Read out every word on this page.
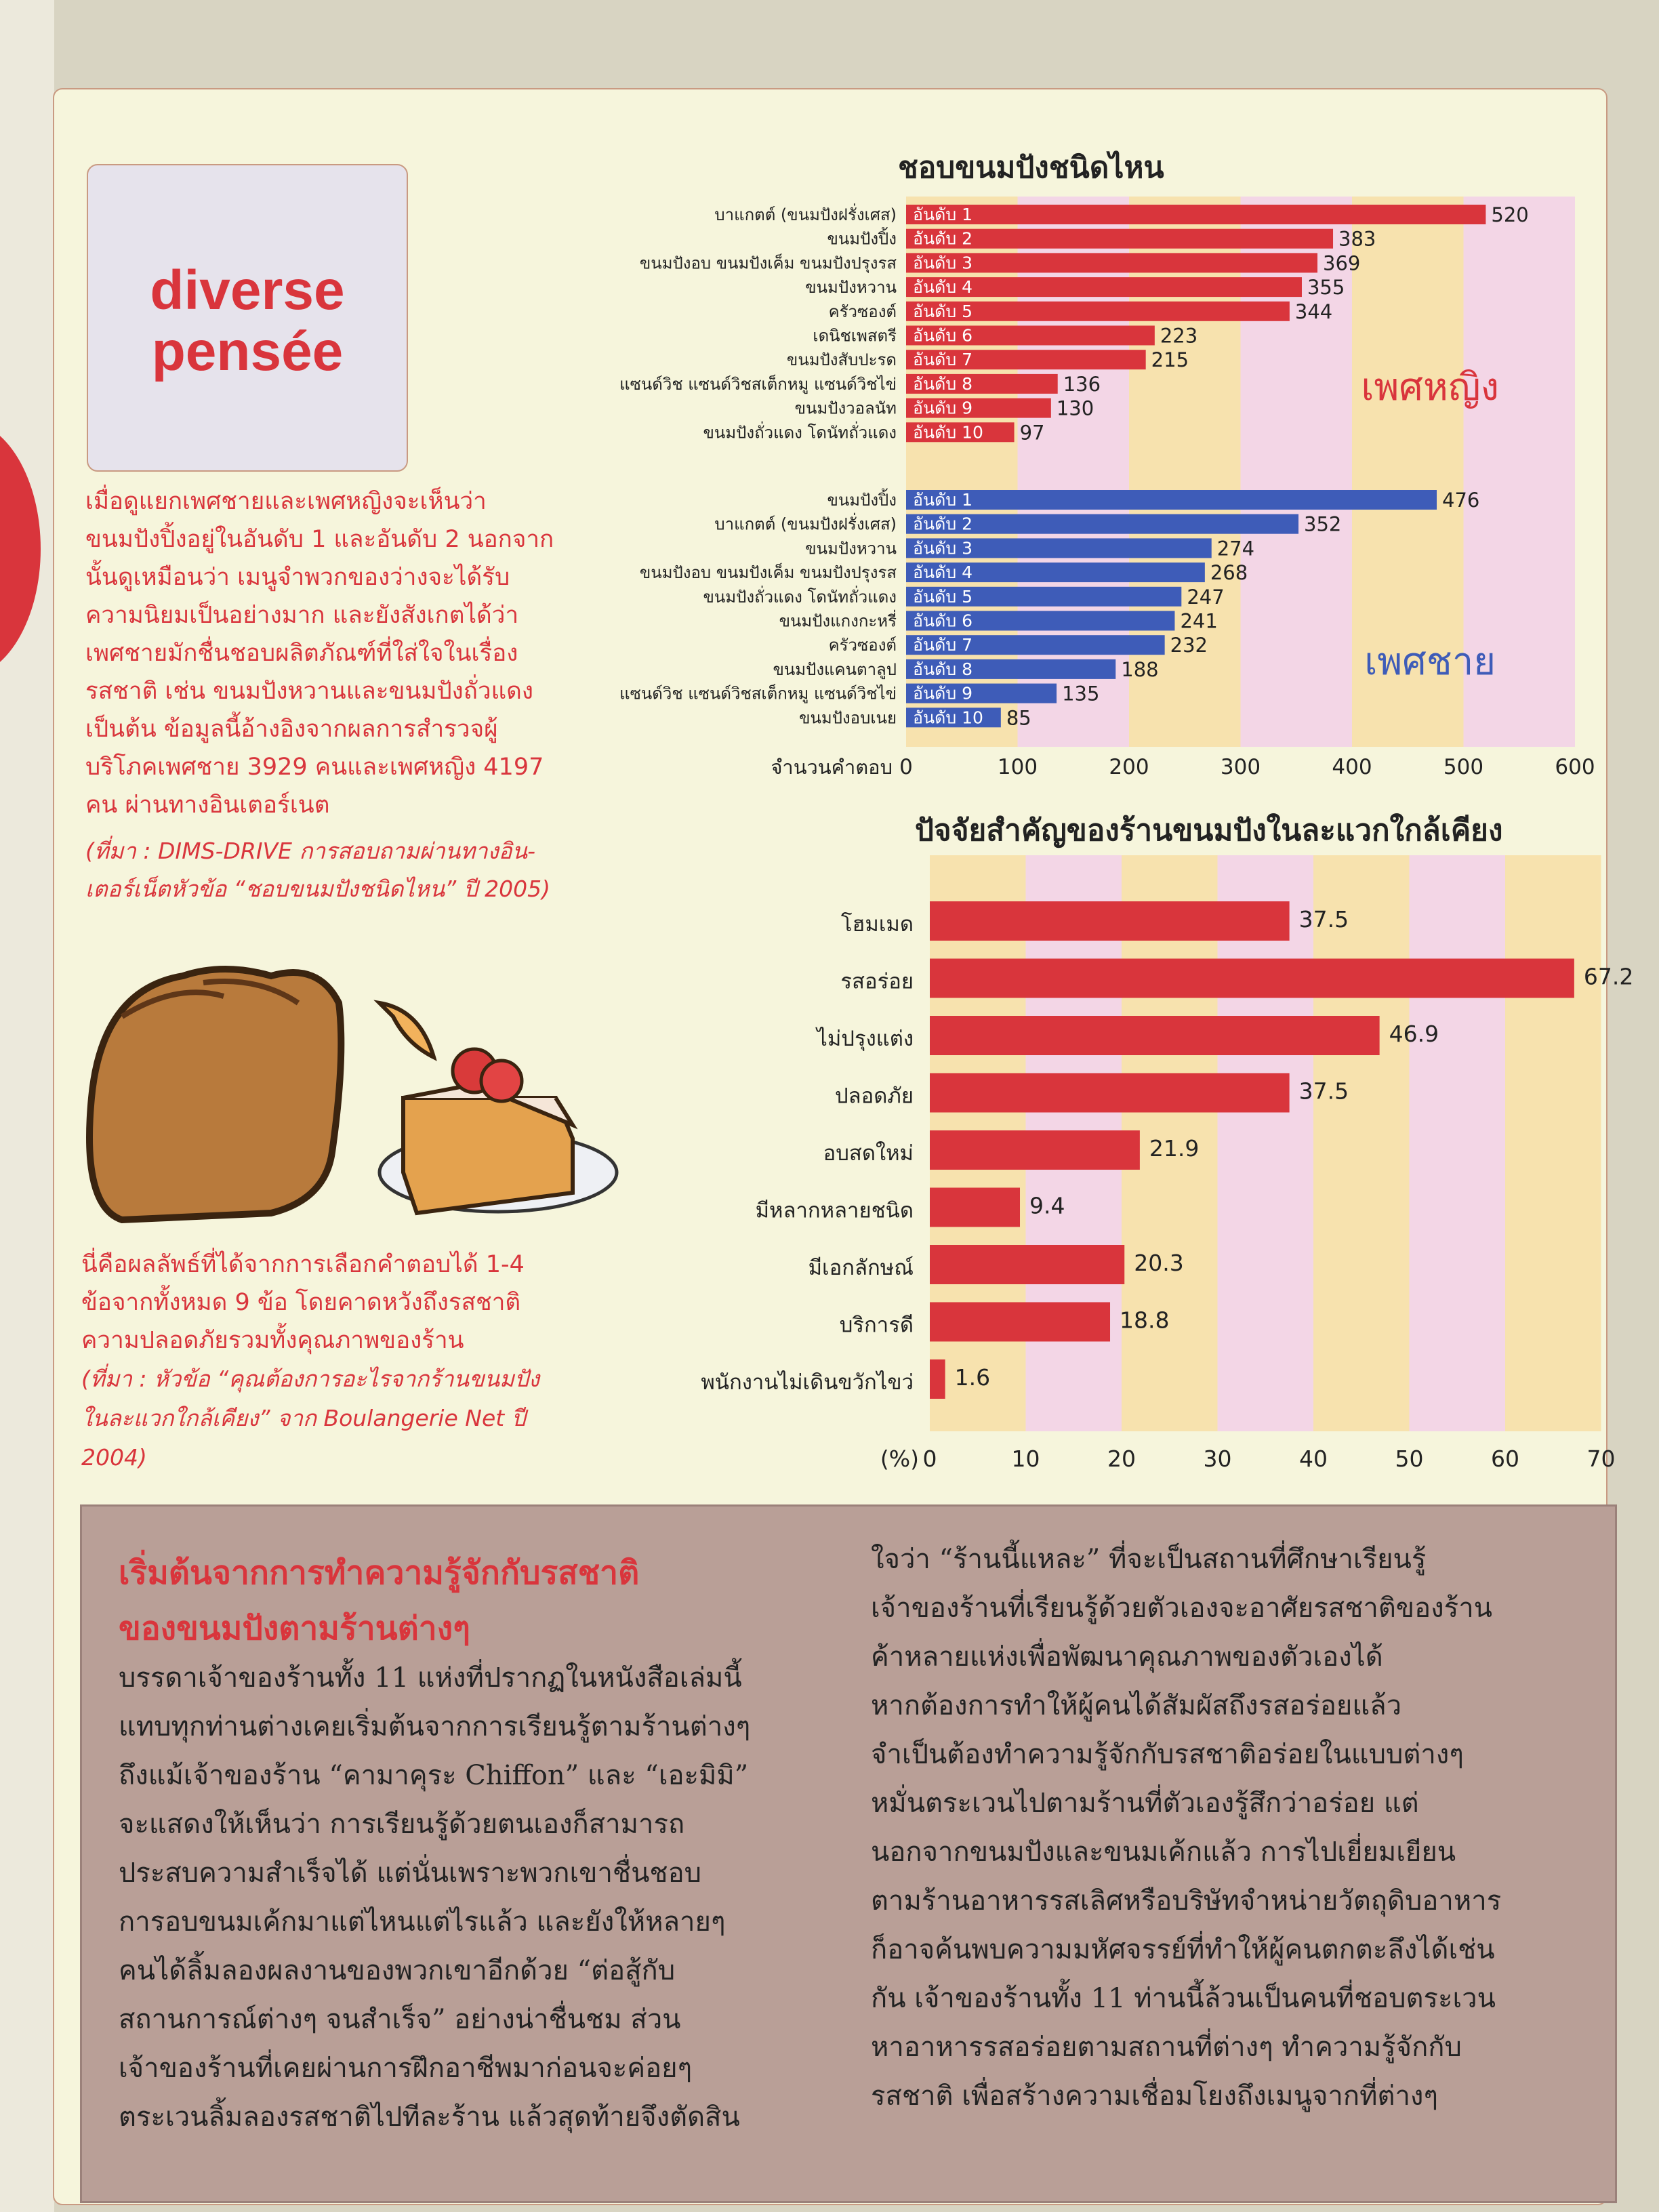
diverse
pensée
เมื่อดูแยกเพศชายและเพศหญิงจะเห็นว่า
ขนมปังปิ้งอยู่ในอันดับ 1 และอันดับ 2 นอกจาก
นั้นดูเหมือนว่า เมนูจำพวกของว่างจะได้รับ
ความนิยมเป็นอย่างมาก และยังสังเกตได้ว่า
เพศชายมักชื่นชอบผลิตภัณฑ์ที่ใส่ใจในเรื่อง
รสชาติ เช่น ขนมปังหวานและขนมปังถั่วแดง
เป็นต้น ข้อมูลนี้อ้างอิงจากผลการสำรวจผู้
บริโภคเพศชาย 3929 คนและเพศหญิง 4197
คน ผ่านทางอินเตอร์เนต
(ที่มา : DIMS-DRIVE การสอบถามผ่านทางอิน-
เตอร์เน็ตหัวข้อ “ชอบขนมปังชนิดไหน” ปี 2005)
นี่คือผลลัพธ์ที่ได้จากการเลือกคำตอบได้ 1-4
ข้อจากทั้งหมด 9 ข้อ โดยคาดหวังถึงรสชาติ
ความปลอดภัยรวมทั้งคุณภาพของร้าน
(ที่มา : หัวข้อ “คุณต้องการอะไรจากร้านขนมปัง
ในละแวกใกล้เคียง” จาก Boulangerie Net ปี
2004)
ชอบขนมปังชนิดไหน
ปัจจัยสำคัญของร้านขนมปังในละแวกใกล้เคียง
อันดับ 1	520
บาแกตต์ (ขนมปังฝรั่งเศส)
อันดับ 2	383
ขนมปังปิ้ง
อันดับ 3	369
ขนมปังอบ ขนมปังเค็ม ขนมปังปรุงรส
อันดับ 4	355
ขนมปังหวาน
อันดับ 5	344
ครัวซองต์
อันดับ 6	223
เดนิชเพสตรี
อันดับ 7	215
ขนมปังสับปะรด
อันดับ 8	136
แซนด์วิช แซนด์วิชสเต็กหมู แซนด์วิชไข่
อันดับ 9	130
ขนมปังวอลนัท
อันดับ 10 97
ขนมปังถั่วแดง โดนัทถั่วแดง
อันดับ 1	476
ขนมปังปิ้ง
อันดับ 2	352
บาแกตต์ (ขนมปังฝรั่งเศส)
อันดับ 3	274
ขนมปังหวาน
อันดับ 4	268
ขนมปังอบ ขนมปังเค็ม ขนมปังปรุงรส
อันดับ 5	247
ขนมปังถั่วแดง โดนัทถั่วแดง
อันดับ 6	241
ขนมปังแกงกะหรี่
อันดับ 7	232
ครัวซองต์
อันดับ 8	188
ขนมปังแคนตาลูป
อันดับ 9	135
แซนด์วิช แซนด์วิชสเต็กหมู แซนด์วิชไข่
อันดับ 10 85
ขนมปังอบเนย
เพศหญิง
เพศชาย
0	100	200	300	400	500	600
จำนวนคำตอบ
37.5
โฮมเมด
67.2
รสอร่อย
46.9
ไม่ปรุงแต่ง
37.5
ปลอดภัย
21.9
อบสดใหม่
9.4
มีหลากหลายชนิด
20.3
มีเอกลักษณ์
18.8
บริการดี
1.6
พนักงานไม่เดินขวักไขว่
0	10	20	30	40	50	60	70
(%)
เริ่มต้นจากการทำความรู้จักกับรสชาติ
ของขนมปังตามร้านต่างๆ
บรรดาเจ้าของร้านทั้ง 11 แห่งที่ปรากฏในหนังสือเล่มนี้
แทบทุกท่านต่างเคยเริ่มต้นจากการเรียนรู้ตามร้านต่างๆ
ถึงแม้เจ้าของร้าน “คามาคุระ Chiffon” และ “เอะมิมิ”
จะแสดงให้เห็นว่า การเรียนรู้ด้วยตนเองก็สามารถ
ประสบความสำเร็จได้ แต่นั่นเพราะพวกเขาชื่นชอบ
การอบขนมเค้กมาแต่ไหนแต่ไรแล้ว และยังให้หลายๆ
คนได้ลิ้มลองผลงานของพวกเขาอีกด้วย “ต่อสู้กับ
สถานการณ์ต่างๆ จนสำเร็จ” อย่างน่าชื่นชม ส่วน
เจ้าของร้านที่เคยผ่านการฝึกอาชีพมาก่อนจะค่อยๆ
ตระเวนลิ้มลองรสชาติไปทีละร้าน แล้วสุดท้ายจึงตัดสิน
ใจว่า “ร้านนี้แหละ” ที่จะเป็นสถานที่ศึกษาเรียนรู้
เจ้าของร้านที่เรียนรู้ด้วยตัวเองจะอาศัยรสชาติของร้าน
ค้าหลายแห่งเพื่อพัฒนาคุณภาพของตัวเองได้
หากต้องการทำให้ผู้คนได้สัมผัสถึงรสอร่อยแล้ว
จำเป็นต้องทำความรู้จักกับรสชาติอร่อยในแบบต่างๆ
หมั่นตระเวนไปตามร้านที่ตัวเองรู้สึกว่าอร่อย แต่
นอกจากขนมปังและขนมเค้กแล้ว การไปเยี่ยมเยียน
ตามร้านอาหารรสเลิศหรือบริษัทจำหน่ายวัตถุดิบอาหาร
ก็อาจค้นพบความมหัศจรรย์ที่ทำให้ผู้คนตกตะลึงได้เช่น
กัน เจ้าของร้านทั้ง 11 ท่านนี้ล้วนเป็นคนที่ชอบตระเวน
หาอาหารรสอร่อยตามสถานที่ต่างๆ ทำความรู้จักกับ
รสชาติ เพื่อสร้างความเชื่อมโยงถึงเมนูจากที่ต่างๆ
